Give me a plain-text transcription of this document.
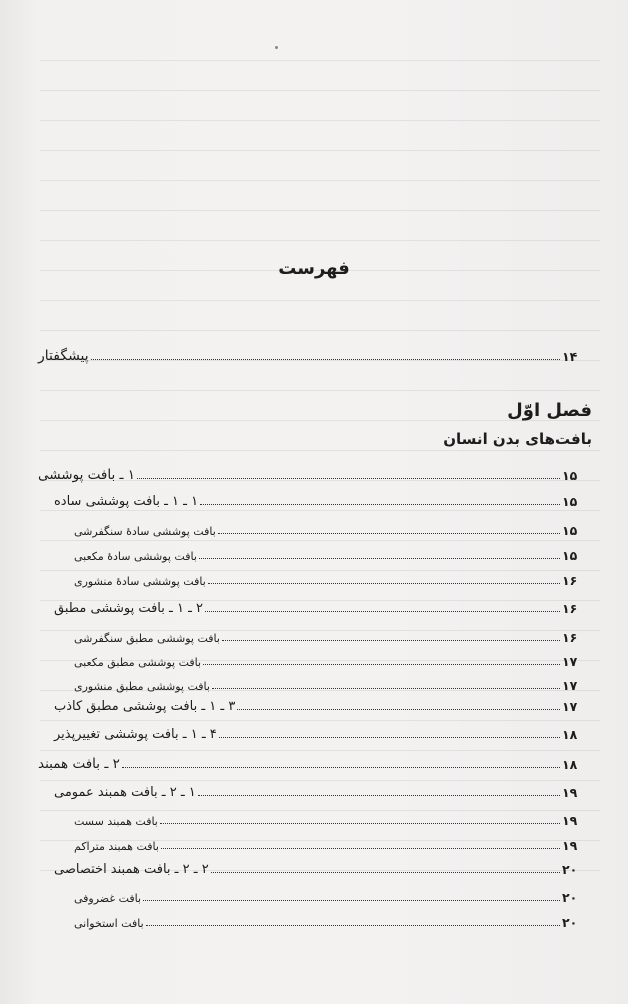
فهرست
پیشگفتار	۱۴
فصل اوّل
بافت‌های بدن انسان
۱ ـ بافت پوششی	۱۵
۱ ـ ۱ ـ بافت پوششی ساده	۱۵
بافت پوششی سادهٔ سنگفرشی	۱۵
بافت پوششی سادهٔ مکعبی	۱۵
بافت پوششی سادهٔ منشوری	۱۶
۲ ـ ۱ ـ بافت پوششی مطبق	۱۶
بافت پوششی مطبق سنگفرشی	۱۶
بافت پوششی مطبق مکعبی	۱۷
بافت پوششی مطبق منشوری	۱۷
۳ ـ ۱ ـ بافت پوششی مطبق کاذب	۱۷
۴ ـ ۱ ـ بافت پوششی تغییرپذیر	۱۸
۲ ـ بافت همبند	۱۸
۱ ـ ۲ ـ بافت همبند عمومی	۱۹
بافت همبند سست	۱۹
بافت همبند متراکم	۱۹
۲ ـ ۲ ـ بافت همبند اختصاصی	۲۰
بافت غضروفی	۲۰
بافت استخوانی	۲۰
